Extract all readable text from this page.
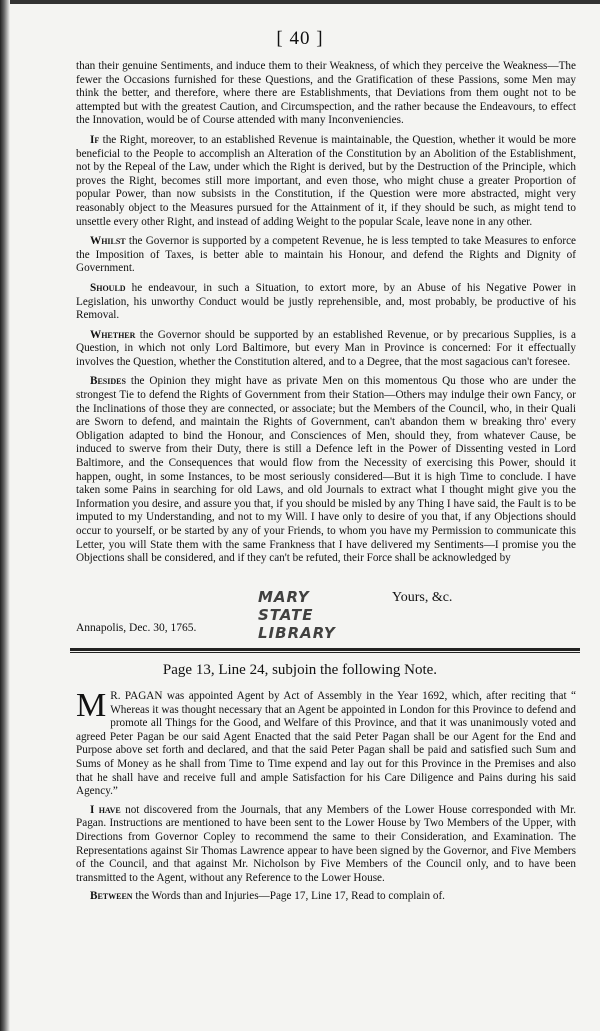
[ 40 ]

than their genuine Sentiments, and induce them to their Weakness, of which they perceive the Weakness—The fewer the Occasions furnished for these Questions, and the Gratification of these Passions, some Men may think the better, and therefore, where there are Establishments, that Deviations from them ought not to be attempted but with the greatest Caution, and Circumspection, and the rather because the Endeavours, to effect the Innovation, would be of Course attended with many Inconveniencies.

If the Right, moreover, to an established Revenue is maintainable, the Question, whether it would be more beneficial to the People to accomplish an Alteration of the Constitution by an Abolition of the Establishment, not by the Repeal of the Law, under which the Right is derived, but by the Destruction of the Principle, which proves the Right, becomes still more important, and even those, who might chuse a greater Proportion of popular Power, than now subsists in the Constitution, if the Question were more abstracted, might very reasonably object to the Measures pursued for the Attainment of it, if they should be such, as might tend to unsettle every other Right, and instead of adding Weight to the popular Scale, leave none in any other.

Whilst the Governor is supported by a competent Revenue, he is less tempted to take Measures to enforce the Imposition of Taxes, is better able to maintain his Honour, and defend the Rights and Dignity of Government.

Should he endeavour, in such a Situation, to extort more, by an Abuse of his Negative Power in Legislation, his unworthy Conduct would be justly reprehensible, and, most probably, be productive of his Removal.

Whether the Governor should be supported by an established Revenue, or by precarious Supplies, is a Question, in which not only Lord Baltimore, but every Man in Province is concerned: For it effectually involves the Question, whether the Constitution altered, and to a Degree, that the most sagacious can't foresee.

Besides the Opinion they might have as private Men on this momentous Qu those who are under the strongest Tie to defend the Rights of Government from their Station—Others may indulge their own Fancy, or the Inclinations of those they are connected, or associate; but the Members of the Council, who, in their Quali are Sworn to defend, and maintain the Rights of Government, can't abandon them w breaking thro' every Obligation adapted to bind the Honour, and Consciences of Men, should they, from whatever Cause, be induced to swerve from their Duty, there is still a Defence left in the Power of Dissenting vested in Lord Baltimore, and the Consequences that would flow from the Necessity of exercising this Power, should it happen, ought, in some Instances, to be most seriously considered—But it is high Time to conclude. I have taken some Pains in searching for old Laws, and old Journals to extract what I thought might give you the Information you desire, and assure you that, if you should be misled by any Thing I have said, the Fault is to be imputed to my Understanding, and not to my Will. I have only to desire of you that, if any Objections should occur to yourself, or be started by any of your Friends, to whom you have my Permission to communicate this Letter, you will State them with the same Frankness that I have delivered my Sentiments—I promise you the Objections shall be considered, and if they can't be refuted, their Force shall be acknowledged by

MARY
STATE
LIBRARY
Yours, &c.
Annapolis, Dec. 30, 1765.
Page 13, Line 24, subjoin the following Note.

M R. PAGAN was appointed Agent by Act of Assembly in the Year 1692, which, after reciting that “ Whereas it was thought necessary that an Agent be appointed in London for this Province to defend and promote all Things for the Good, and Welfare of this Province, and that it was unanimously voted and agreed Peter Pagan be our said Agent Enacted that the said Peter Pagan shall be our Agent for the End and Purpose above set forth and declared, and that the said Peter Pagan shall be paid and satisfied such Sum and Sums of Money as he shall from Time to Time expend and lay out for this Province in the Premises and also that he shall have and receive full and ample Satisfaction for his Care Diligence and Pains during his said Agency.”

I have not discovered from the Journals, that any Members of the Lower House corresponded with Mr. Pagan. Instructions are mentioned to have been sent to the Lower House by Two Members of the Upper, with Directions from Governor Copley to recommend the same to their Consideration, and Examination. The Representations against Sir Thomas Lawrence appear to have been signed by the Governor, and Five Members of the Council, and that against Mr. Nicholson by Five Members of the Council only, and to have been transmitted to the Agent, without any Reference to the Lower House.

Between the Words than and Injuries—Page 17, Line 17, Read to complain of.
